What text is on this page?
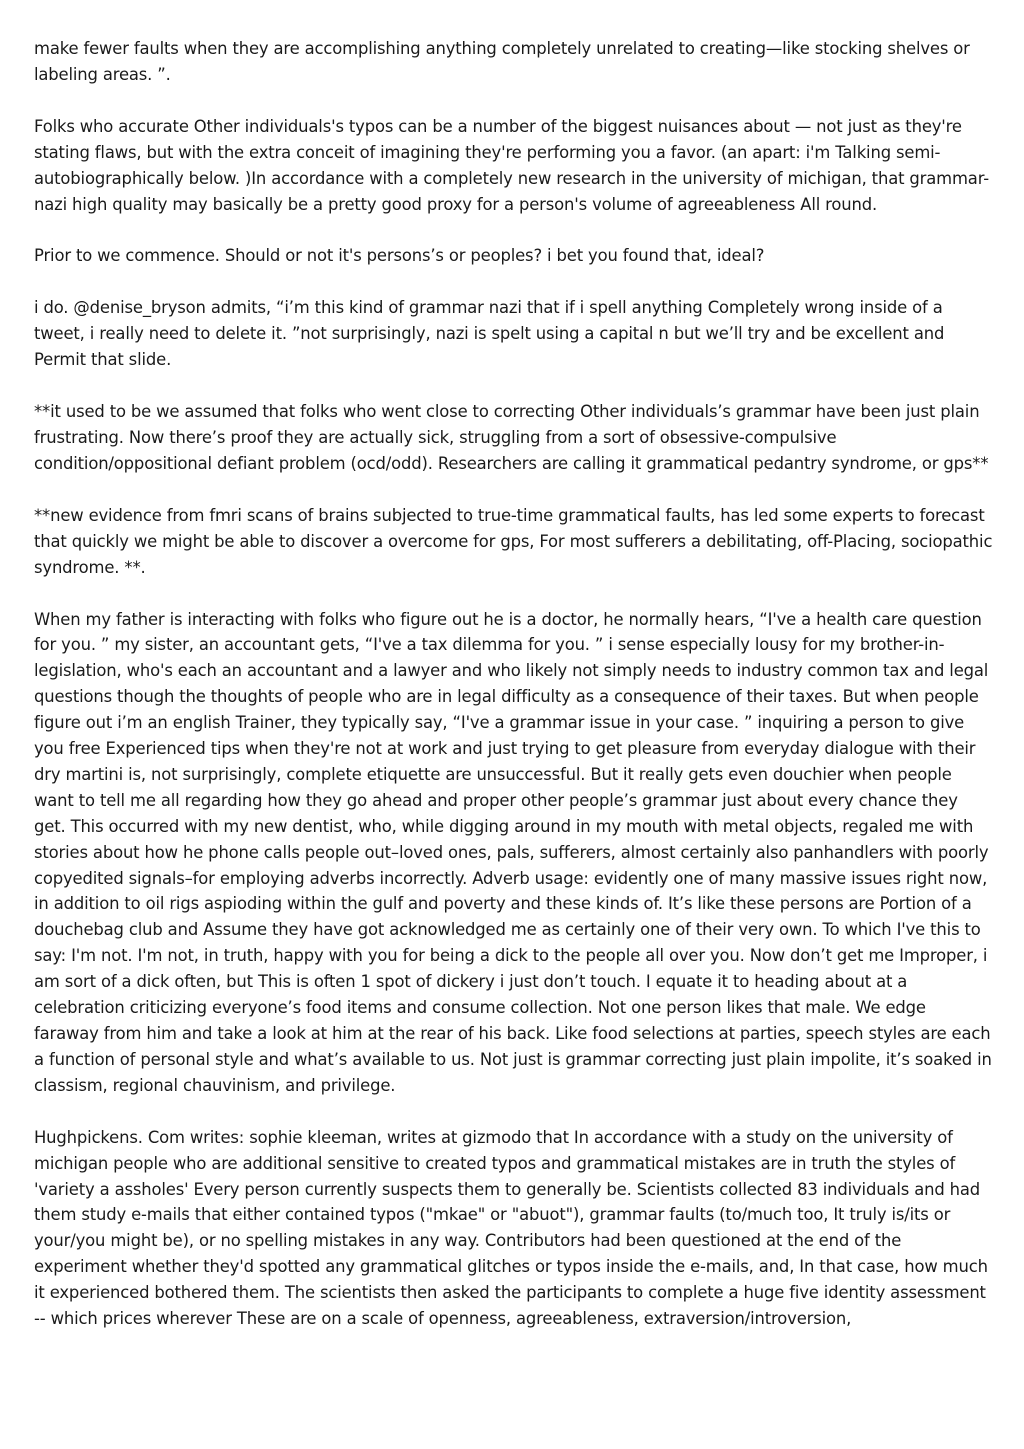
make fewer faults when they are accomplishing anything completely unrelated to creating—like stocking shelves or labeling areas. ”.

Folks who accurate Other individuals's typos can be a number of the biggest nuisances about — not just as they're stating flaws, but with the extra conceit of imagining they're performing you a favor. (an apart: i'm Talking semi-autobiographically below. )In accordance with a completely new research in the university of michigan, that grammar-nazi high quality may basically be a pretty good proxy for a person's volume of agreeableness All round.

Prior to we commence. Should or not it's persons’s or peoples? i bet you found that, ideal?

i do. @denise_bryson admits, “i’m this kind of grammar nazi that if i spell anything Completely wrong inside of a tweet, i really need to delete it. ”not surprisingly, nazi is spelt using a capital n but we’ll try and be excellent and Permit that slide.

**it used to be we assumed that folks who went close to correcting Other individuals’s grammar have been just plain frustrating. Now there’s proof they are actually sick, struggling from a sort of obsessive-compulsive condition/oppositional defiant problem (ocd/odd). Researchers are calling it grammatical pedantry syndrome, or gps**

**new evidence from fmri scans of brains subjected to true-time grammatical faults, has led some experts to forecast that quickly we might be able to discover a overcome for gps, For most sufferers a debilitating, off-Placing, sociopathic syndrome. **.

When my father is interacting with folks who figure out he is a doctor, he normally hears, “I've a health care question for you. ” my sister, an accountant gets, “I've a tax dilemma for you. ” i sense especially lousy for my brother-in-legislation, who's each an accountant and a lawyer and who likely not simply needs to industry common tax and legal questions though the thoughts of people who are in legal difficulty as a consequence of their taxes. But when people figure out i’m an english Trainer, they typically say, “I've a grammar issue in your case. ” inquiring a person to give you free Experienced tips when they're not at work and just trying to get pleasure from everyday dialogue with their dry martini is, not surprisingly, complete etiquette are unsuccessful. But it really gets even douchier when people want to tell me all regarding how they go ahead and proper other people’s grammar just about every chance they get. This occurred with my new dentist, who, while digging around in my mouth with metal objects, regaled me with stories about how he phone calls people out–loved ones, pals, sufferers, almost certainly also panhandlers with poorly copyedited signals–for employing adverbs incorrectly. Adverb usage: evidently one of many massive issues right now, in addition to oil rigs aspioding within the gulf and poverty and these kinds of. It’s like these persons are Portion of a douchebag club and Assume they have got acknowledged me as certainly one of their very own. To which I've this to say: I'm not. I'm not, in truth, happy with you for being a dick to the people all over you. Now don’t get me Improper, i am sort of a dick often, but This is often 1 spot of dickery i just don’t touch. I equate it to heading about at a celebration criticizing everyone’s food items and consume collection. Not one person likes that male. We edge faraway from him and take a look at him at the rear of his back. Like food selections at parties, speech styles are each a function of personal style and what’s available to us. Not just is grammar correcting just plain impolite, it’s soaked in classism, regional chauvinism, and privilege.

Hughpickens. Com writes: sophie kleeman, writes at gizmodo that In accordance with a study on the university of michigan people who are additional sensitive to created typos and grammatical mistakes are in truth the styles of 'variety a assholes' Every person currently suspects them to generally be. Scientists collected 83 individuals and had them study e-mails that either contained typos ("mkae" or "abuot"), grammar faults (to/much too, It truly is/its or your/you might be), or no spelling mistakes in any way. Contributors had been questioned at the end of the experiment whether they'd spotted any grammatical glitches or typos inside the e-mails, and, In that case, how much it experienced bothered them. The scientists then asked the participants to complete a huge five identity assessment -- which prices wherever These are on a scale of openness, agreeableness, extraversion/introversion,
